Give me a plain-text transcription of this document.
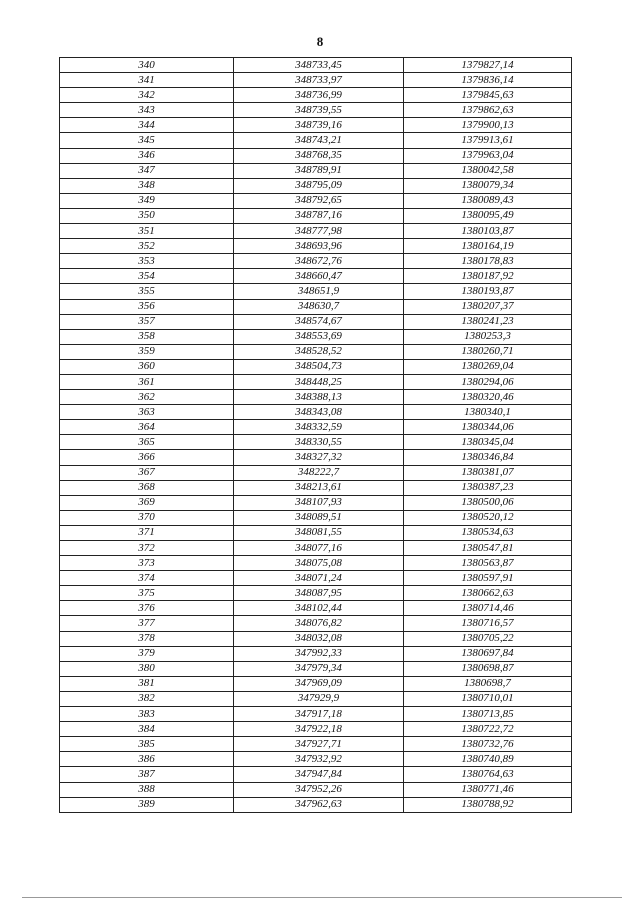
8
340	348733,45	1379827,14
341	348733,97	1379836,14
342	348736,99	1379845,63
343	348739,55	1379862,63
344	348739,16	1379900,13
345	348743,21	1379913,61
346	348768,35	1379963,04
347	348789,91	1380042,58
348	348795,09	1380079,34
349	348792,65	1380089,43
350	348787,16	1380095,49
351	348777,98	1380103,87
352	348693,96	1380164,19
353	348672,76	1380178,83
354	348660,47	1380187,92
355	348651,9	1380193,87
356	348630,7	1380207,37
357	348574,67	1380241,23
358	348553,69	1380253,3
359	348528,52	1380260,71
360	348504,73	1380269,04
361	348448,25	1380294,06
362	348388,13	1380320,46
363	348343,08	1380340,1
364	348332,59	1380344,06
365	348330,55	1380345,04
366	348327,32	1380346,84
367	348222,7	1380381,07
368	348213,61	1380387,23
369	348107,93	1380500,06
370	348089,51	1380520,12
371	348081,55	1380534,63
372	348077,16	1380547,81
373	348075,08	1380563,87
374	348071,24	1380597,91
375	348087,95	1380662,63
376	348102,44	1380714,46
377	348076,82	1380716,57
378	348032,08	1380705,22
379	347992,33	1380697,84
380	347979,34	1380698,87
381	347969,09	1380698,7
382	347929,9	1380710,01
383	347917,18	1380713,85
384	347922,18	1380722,72
385	347927,71	1380732,76
386	347932,92	1380740,89
387	347947,84	1380764,63
388	347952,26	1380771,46
389	347962,63	1380788,92
